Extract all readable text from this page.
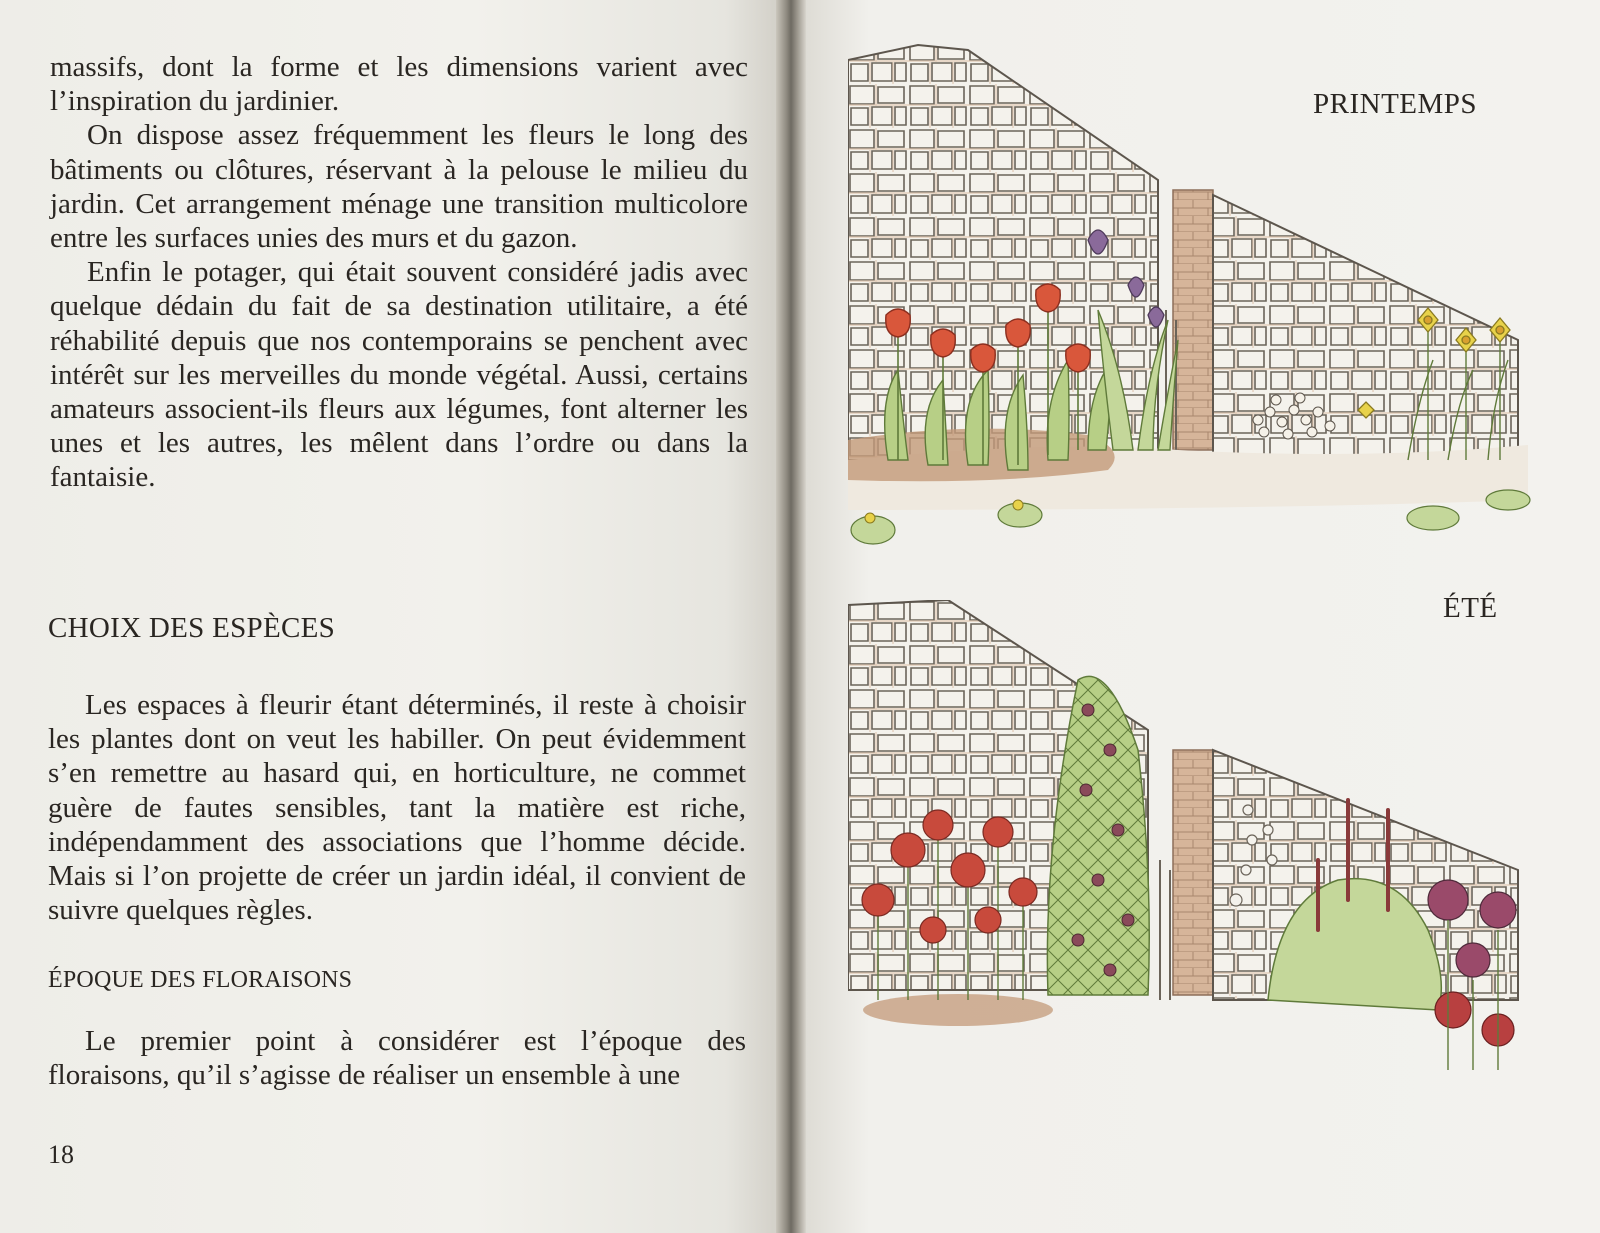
massifs, dont la forme et les dimensions varient avec l’inspiration du jardinier.

On dispose assez fréquemment les fleurs le long des bâtiments ou clôtures, réservant à la pelouse le milieu du jardin. Cet arrangement ménage une transition multicolore entre les surfaces unies des murs et du gazon.

Enfin le potager, qui était souvent considéré jadis avec quelque dédain du fait de sa destination utilitaire, a été réhabilité depuis que nos contemporains se penchent avec intérêt sur les merveilles du monde végétal. Aussi, certains amateurs associent-ils fleurs aux légumes, font alterner les unes et les autres, les mêlent dans l’ordre ou dans la fantaisie.

CHOIX DES ESPÈCES

Les espaces à fleurir étant déterminés, il reste à choisir les plantes dont on veut les habiller. On peut évidemment s’en remettre au hasard qui, en horticulture, ne commet guère de fautes sensibles, tant la matière est riche, indépendamment des associations que l’homme décide. Mais si l’on projette de créer un jardin idéal, il convient de suivre quelques règles.

ÉPOQUE DES FLORAISONS

Le premier point à considérer est l’époque des floraisons, qu’il s’agisse de réaliser un ensemble à une

18
PRINTEMPS
ÉTÉ
